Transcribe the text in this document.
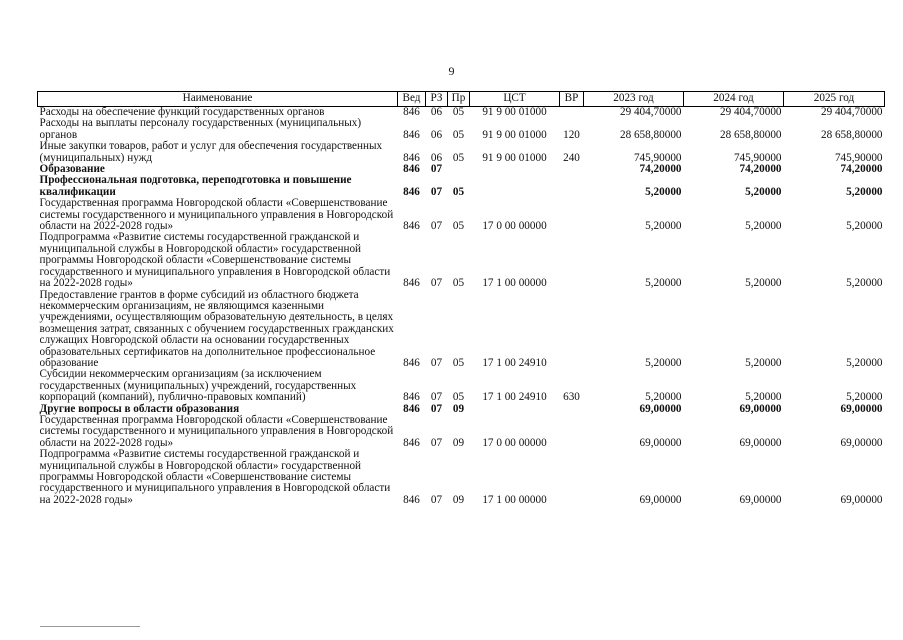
9
Наименование	Вед	РЗ	Пр	ЦСТ	ВР	2023 год	2024 год	2025 год
Расходы на обеспечение функций государственных органов	846	06	05	91 9 00 01000		29 404,70000	29 404,70000	29 404,70000
Расходы на выплаты персоналу государственных (муниципальных) органов	846	06	05	91 9 00 01000	120	28 658,80000	28 658,80000	28 658,80000
Иные закупки товаров, работ и услуг для обеспечения государственных (муниципальных) нужд	846	06	05	91 9 00 01000	240	745,90000	745,90000	745,90000
Образование	846	07				74,20000	74,20000	74,20000
Профессиональная подготовка, переподготовка и повышение квалификации	846	07	05			5,20000	5,20000	5,20000
Государственная программа Новгородской области «Совершенствование системы государственного и муниципального управления в Новгородской области на 2022-2028 годы»	846	07	05	17 0 00 00000		5,20000	5,20000	5,20000
Подпрограмма «Развитие системы государственной гражданской и муниципальной службы в Новгородской области» государственной программы Новгородской области «Совершенствование системы государственного и муниципального управления в Новгородской области на 2022-2028 годы»	846	07	05	17 1 00 00000		5,20000	5,20000	5,20000
Предоставление грантов в форме субсидий из областного бюджета некоммерческим организациям, не являющимся казенными учреждениями, осуществляющим образовательную деятельность, в целях возмещения затрат, связанных с обучением государственных гражданских служащих Новгородской области на основании государственных образовательных сертификатов на дополнительное профессиональное образование	846	07	05	17 1 00 24910		5,20000	5,20000	5,20000
Субсидии некоммерческим организациям (за исключением государственных (муниципальных) учреждений, государственных корпораций (компаний), публично-правовых компаний)	846	07	05	17 1 00 24910	630	5,20000	5,20000	5,20000
Другие вопросы в области образования	846	07	09			69,00000	69,00000	69,00000
Государственная программа Новгородской области «Совершенствование системы государственного и муниципального управления в Новгородской области на 2022-2028 годы»	846	07	09	17 0 00 00000		69,00000	69,00000	69,00000
Подпрограмма «Развитие системы государственной гражданской и муниципальной службы в Новгородской области» государственной программы Новгородской области «Совершенствование системы государственного и муниципального управления в Новгородской области на 2022-2028 годы»	846	07	09	17 1 00 00000		69,00000	69,00000	69,00000
